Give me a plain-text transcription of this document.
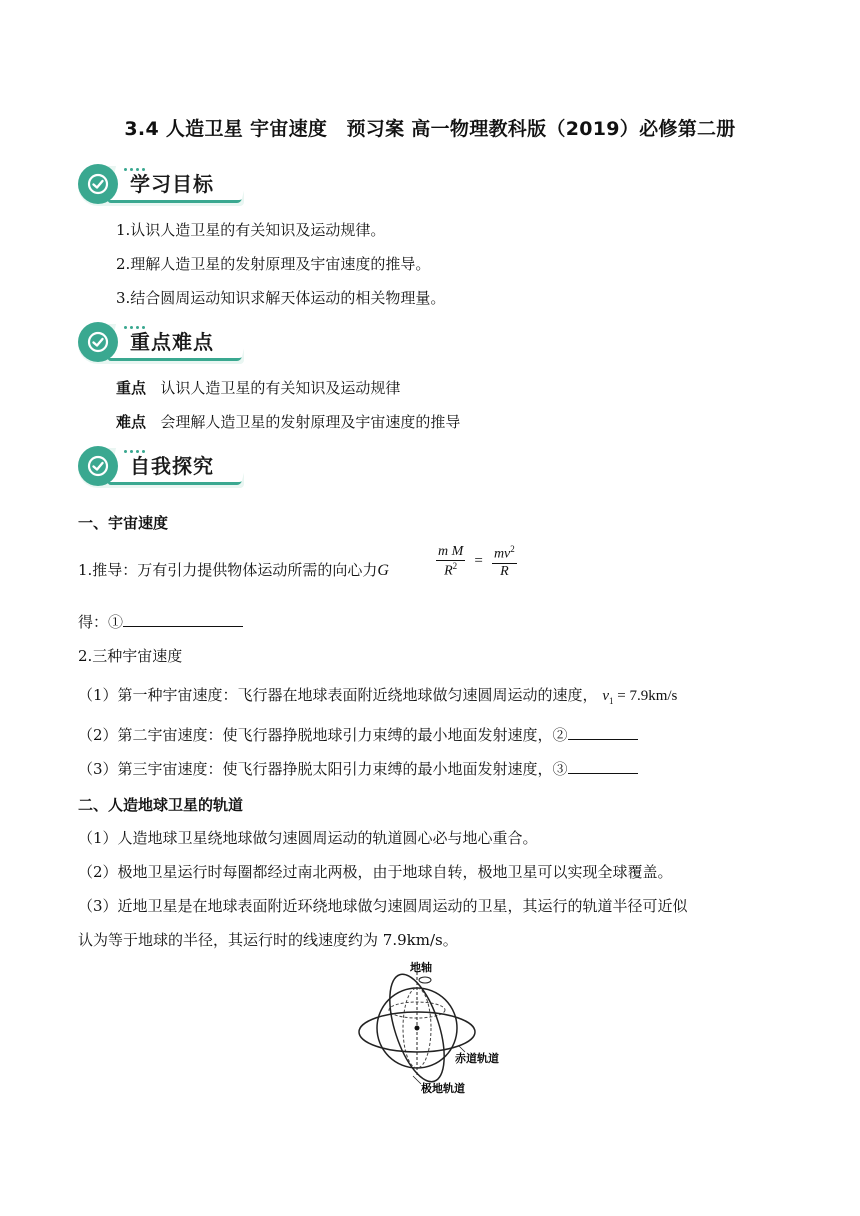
3.4 人造卫星 宇宙速度　预习案 高一物理教科版（2019）必修第二册
学习目标
1.认识人造卫星的有关知识及运动规律。
2.理解人造卫星的发射原理及宇宙速度的推导。
3.结合圆周运动知识求解天体运动的相关物理量。
重点难点
重点 认识人造卫星的有关知识及运动规律
难点 会理解人造卫星的发射原理及宇宙速度的推导
自我探究
一、宇宙速度
1.推导：万有引力提供物体运动所需的向心力G	$\frac{\text{m M}}{R^2} = \frac{mv^2}{R}$
得：①
2.三种宇宙速度
（1）第一种宇宙速度：飞行器在地球表面附近绕地球做匀速圆周运动的速度， $v_1 = 7.9km/s$
（2）第二宇宙速度：使飞行器挣脱地球引力束缚的最小地面发射速度，②
（3）第三宇宙速度：使飞行器挣脱太阳引力束缚的最小地面发射速度，③
二、人造地球卫星的轨道
（1）人造地球卫星绕地球做匀速圆周运动的轨道圆心必与地心重合。
（2）极地卫星运行时每圈都经过南北两极，由于地球自转，极地卫星可以实现全球覆盖。
（3）近地卫星是在地球表面附近环绕地球做匀速圆周运动的卫星，其运行的轨道半径可近似
认为等于地球的半径，其运行时的线速度约为 7.9km/s。
地轴
赤道轨道
极地轨道
